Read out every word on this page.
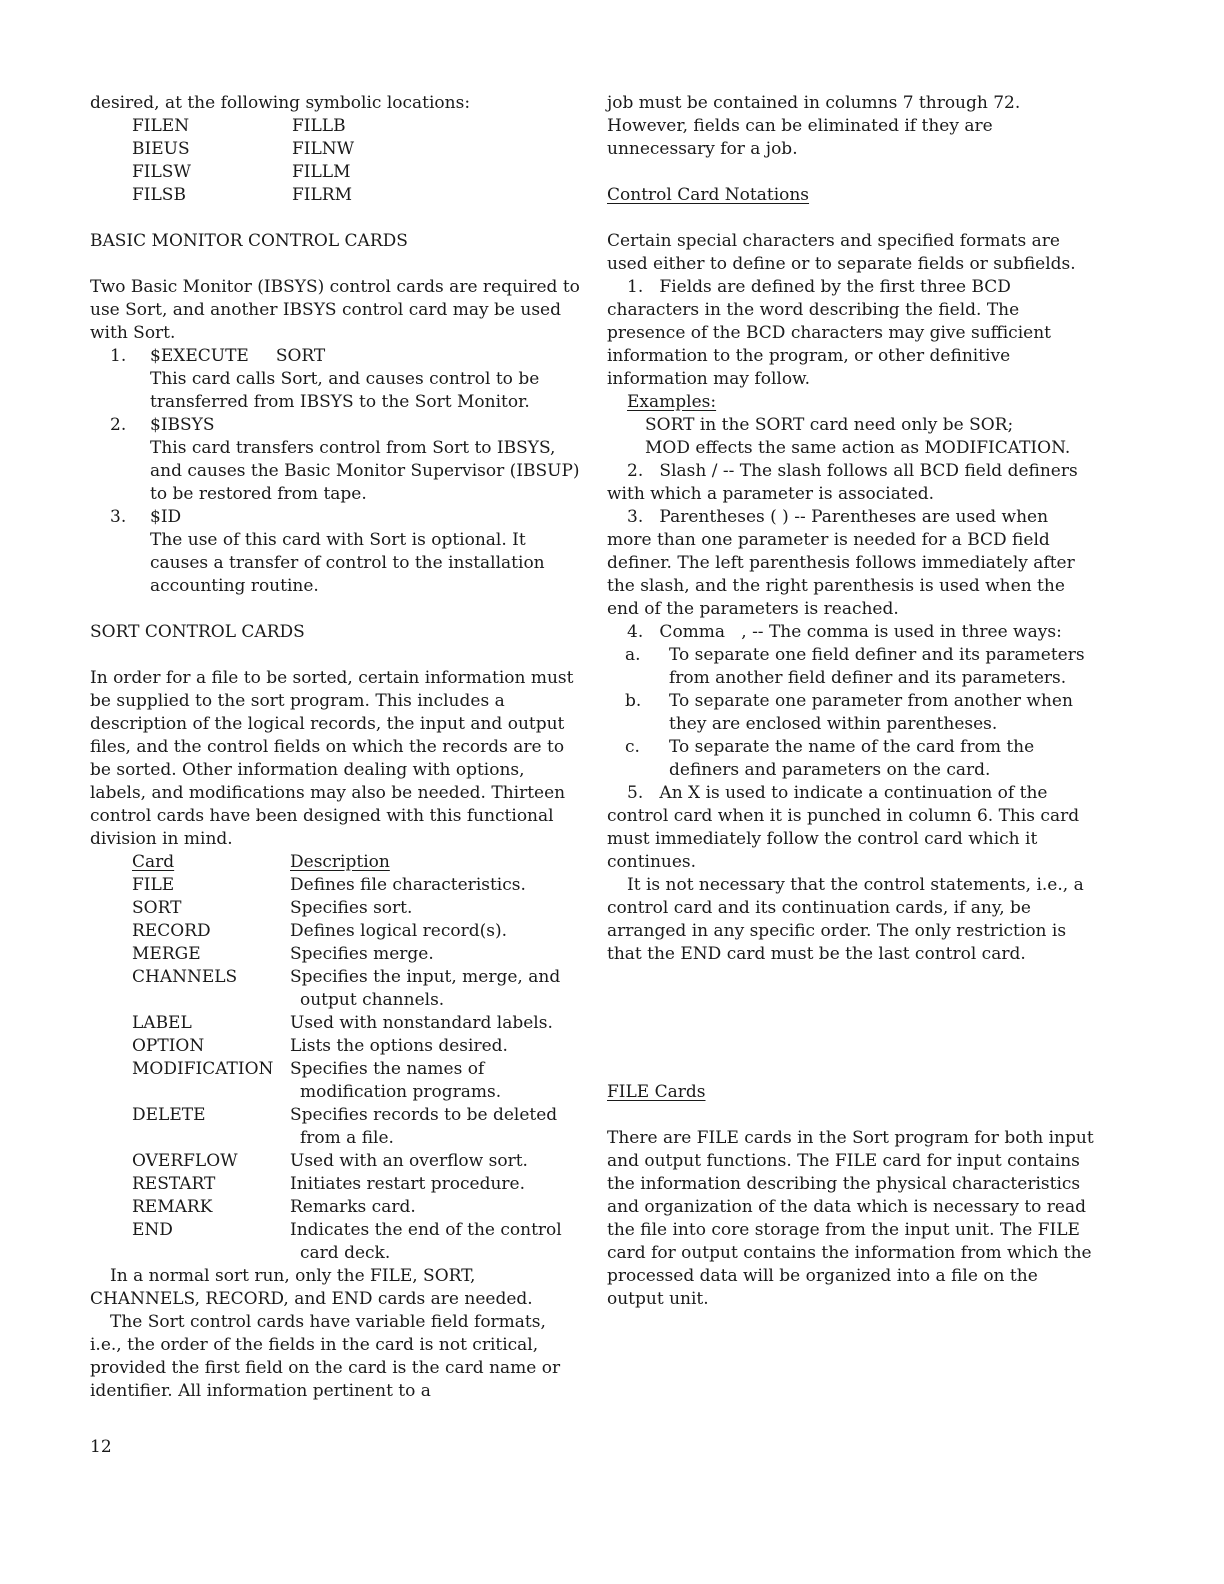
desired, at the following symbolic locations:

FILEN	FILLB
BIEUS	FILNW
FILSW	FILLM
FILSB	FILRM

BASIC MONITOR CONTROL CARDS

Two Basic Monitor (IBSYS) control cards are required to use Sort, and another IBSYS control card may be used with Sort.

1.	$EXECUTE     SORT

This card calls Sort, and causes control to be transferred from IBSYS to the Sort Monitor.

2.	$IBSYS

This card transfers control from Sort to IBSYS, and causes the Basic Monitor Supervisor (IBSUP) to be restored from tape.

3.	$ID

The use of this card with Sort is optional. It causes a transfer of control to the installation accounting routine.

SORT CONTROL CARDS

In order for a file to be sorted, certain information must be supplied to the sort program. This includes a description of the logical records, the input and output files, and the control fields on which the records are to be sorted. Other information dealing with options, labels, and modifications may also be needed. Thirteen control cards have been designed with this functional division in mind.

Card	Description
FILE	Defines file characteristics.
SORT	Specifies sort.
RECORD	Defines logical record(s).
MERGE	Specifies merge.
CHANNELS	Specifies the input, merge, and output channels.
LABEL	Used with nonstandard labels.
OPTION	Lists the options desired.
MODIFICATION Specifies the names of modification programs.
DELETE	Specifies records to be deleted from a file.
OVERFLOW	Used with an overflow sort.
RESTART	Initiates restart procedure.
REMARK	Remarks card.
END	Indicates the end of the control card deck.

In a normal sort run, only the FILE, SORT, CHANNELS, RECORD, and END cards are needed.

The Sort control cards have variable field formats, i.e., the order of the fields in the card is not critical, provided the first field on the card is the card name or identifier. All information pertinent to a

job must be contained in columns 7 through 72. However, fields can be eliminated if they are unnecessary for a job.

Control Card Notations

Certain special characters and specified formats are used either to define or to separate fields or subfields.

1.   Fields are defined by the first three BCD characters in the word describing the field. The presence of the BCD characters may give sufficient information to the program, or other definitive information may follow.

Examples:

SORT in the SORT card need only be SOR;

MOD effects the same action as MODIFICATION.

2.   Slash / -- The slash follows all BCD field definers with which a parameter is associated.

3.   Parentheses ( ) -- Parentheses are used when more than one parameter is needed for a BCD field definer. The left parenthesis follows immediately after the slash, and the right parenthesis is used when the end of the parameters is reached.

4.   Comma   , -- The comma is used in three ways:

a.	To separate one field definer and its parameters from another field definer and its parameters.
b.	To separate one parameter from another when they are enclosed within parentheses.
c.	To separate the name of the card from the definers and parameters on the card.

5.   An X is used to indicate a continuation of the control card when it is punched in column 6. This card must immediately follow the control card which it continues.

It is not necessary that the control statements, i.e., a control card and its continuation cards, if any, be arranged in any specific order. The only restriction is that the END card must be the last control card.

FILE Cards

There are FILE cards in the Sort program for both input and output functions. The FILE card for input contains the information describing the physical characteristics and organization of the data which is necessary to read the file into core storage from the input unit. The FILE card for output contains the information from which the processed data will be organized into a file on the output unit.

12
